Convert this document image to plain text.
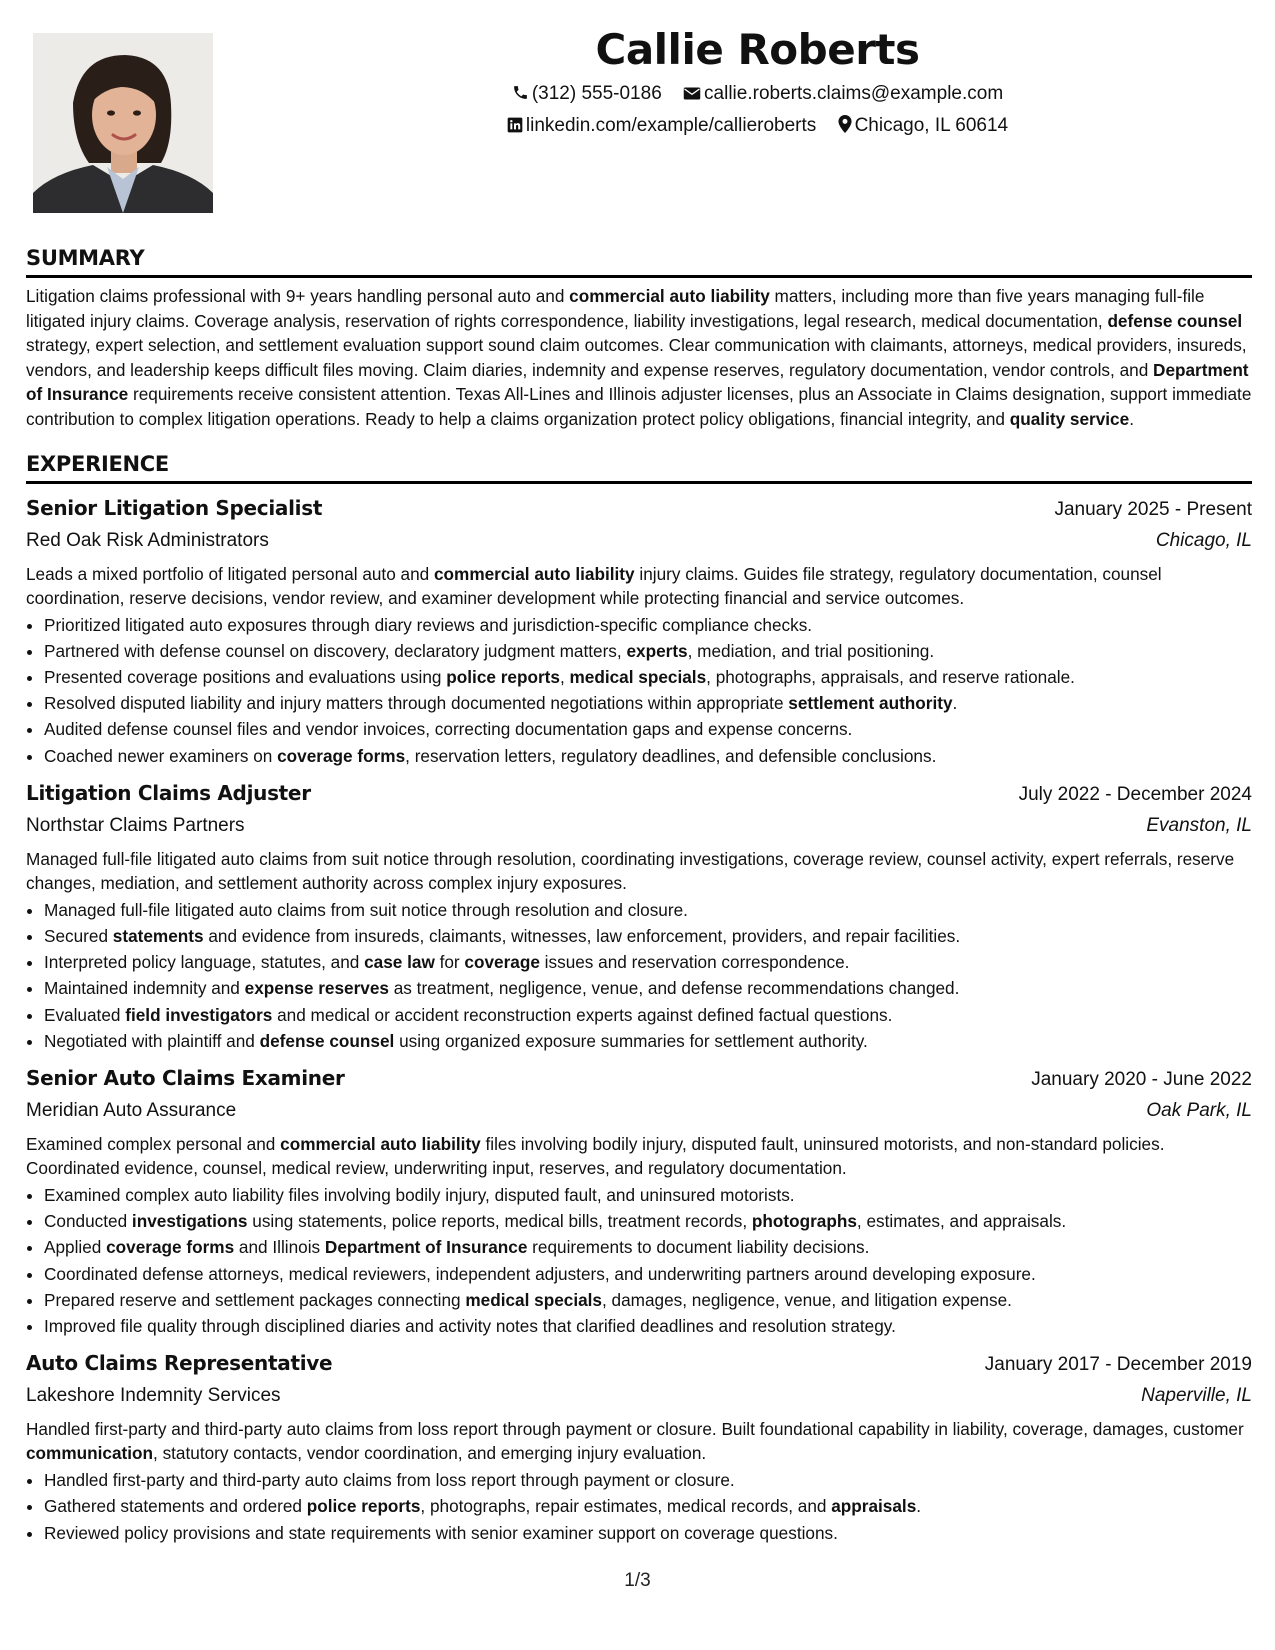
Callie Roberts
(312) 555-0186 callie.roberts.claims@example.com
linkedin.com/example/callieroberts Chicago, IL 60614
SUMMARY

Litigation claims professional with 9+ years handling personal auto and commercial auto liability matters, including more than five years managing full-file litigated injury claims. Coverage analysis, reservation of rights correspondence, liability investigations, legal research, medical documentation, defense counsel strategy, expert selection, and settlement evaluation support sound claim outcomes. Clear communication with claimants, attorneys, medical providers, insureds, vendors, and leadership keeps difficult files moving. Claim diaries, indemnity and expense reserves, regulatory documentation, vendor controls, and Department of Insurance requirements receive consistent attention. Texas All-Lines and Illinois adjuster licenses, plus an Associate in Claims designation, support immediate contribution to complex litigation operations. Ready to help a claims organization protect policy obligations, financial integrity, and quality service.

EXPERIENCE
Senior Litigation Specialist	January 2025 - Present
Red Oak Risk Administrators	Chicago, IL

Leads a mixed portfolio of litigated personal auto and commercial auto liability injury claims. Guides file strategy, regulatory documentation, counsel coordination, reserve decisions, vendor review, and examiner development while protecting financial and service outcomes.

• Prioritized litigated auto exposures through diary reviews and jurisdiction-specific compliance checks.
• Partnered with defense counsel on discovery, declaratory judgment matters, experts, mediation, and trial positioning.
• Presented coverage positions and evaluations using police reports, medical specials, photographs, appraisals, and reserve rationale.
• Resolved disputed liability and injury matters through documented negotiations within appropriate settlement authority.
• Audited defense counsel files and vendor invoices, correcting documentation gaps and expense concerns.
• Coached newer examiners on coverage forms, reservation letters, regulatory deadlines, and defensible conclusions.
Litigation Claims Adjuster	July 2022 - December 2024
Northstar Claims Partners	Evanston, IL

Managed full-file litigated auto claims from suit notice through resolution, coordinating investigations, coverage review, counsel activity, expert referrals, reserve changes, mediation, and settlement authority across complex injury exposures.

• Managed full-file litigated auto claims from suit notice through resolution and closure.
• Secured statements and evidence from insureds, claimants, witnesses, law enforcement, providers, and repair facilities.
• Interpreted policy language, statutes, and case law for coverage issues and reservation correspondence.
• Maintained indemnity and expense reserves as treatment, negligence, venue, and defense recommendations changed.
• Evaluated field investigators and medical or accident reconstruction experts against defined factual questions.
• Negotiated with plaintiff and defense counsel using organized exposure summaries for settlement authority.
Senior Auto Claims Examiner	January 2020 - June 2022
Meridian Auto Assurance	Oak Park, IL

Examined complex personal and commercial auto liability files involving bodily injury, disputed fault, uninsured motorists, and non-standard policies. Coordinated evidence, counsel, medical review, underwriting input, reserves, and regulatory documentation.

• Examined complex auto liability files involving bodily injury, disputed fault, and uninsured motorists.
• Conducted investigations using statements, police reports, medical bills, treatment records, photographs, estimates, and appraisals.
• Applied coverage forms and Illinois Department of Insurance requirements to document liability decisions.
• Coordinated defense attorneys, medical reviewers, independent adjusters, and underwriting partners around developing exposure.
• Prepared reserve and settlement packages connecting medical specials, damages, negligence, venue, and litigation expense.
• Improved file quality through disciplined diaries and activity notes that clarified deadlines and resolution strategy.
Auto Claims Representative	January 2017 - December 2019
Lakeshore Indemnity Services	Naperville, IL

Handled first-party and third-party auto claims from loss report through payment or closure. Built foundational capability in liability, coverage, damages, customer communication, statutory contacts, vendor coordination, and emerging injury evaluation.

• Handled first-party and third-party auto claims from loss report through payment or closure.
• Gathered statements and ordered police reports, photographs, repair estimates, medical records, and appraisals.
• Reviewed policy provisions and state requirements with senior examiner support on coverage questions.
1/3
